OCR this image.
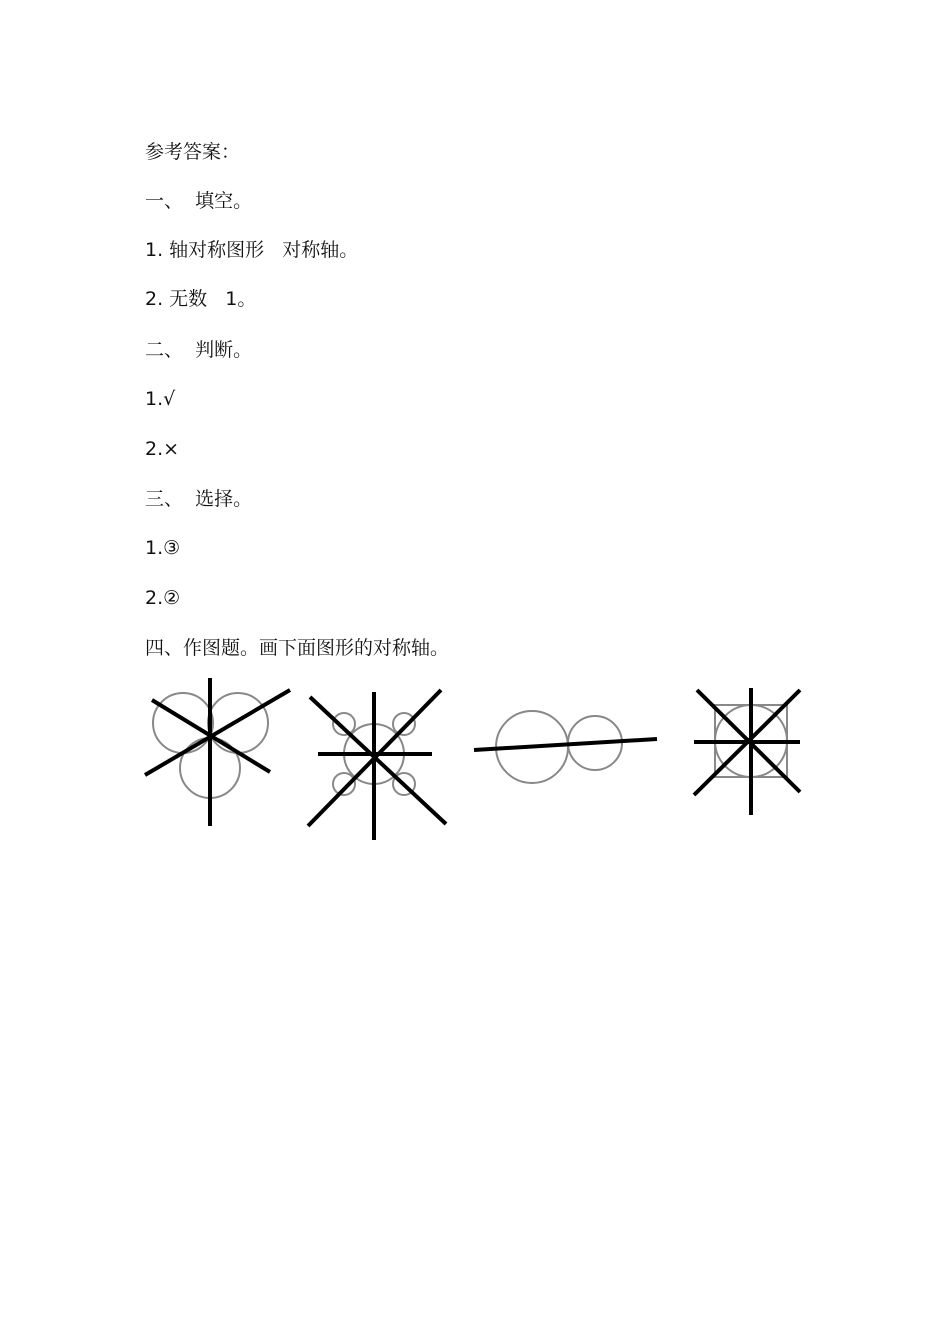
参考答案：
一、  填空。
1. 轴对称图形   对称轴。
2. 无数   1。
二、  判断。
1.√
2.×
三、  选择。
1.③
2.②
四、作图题。画下面图形的对称轴。
